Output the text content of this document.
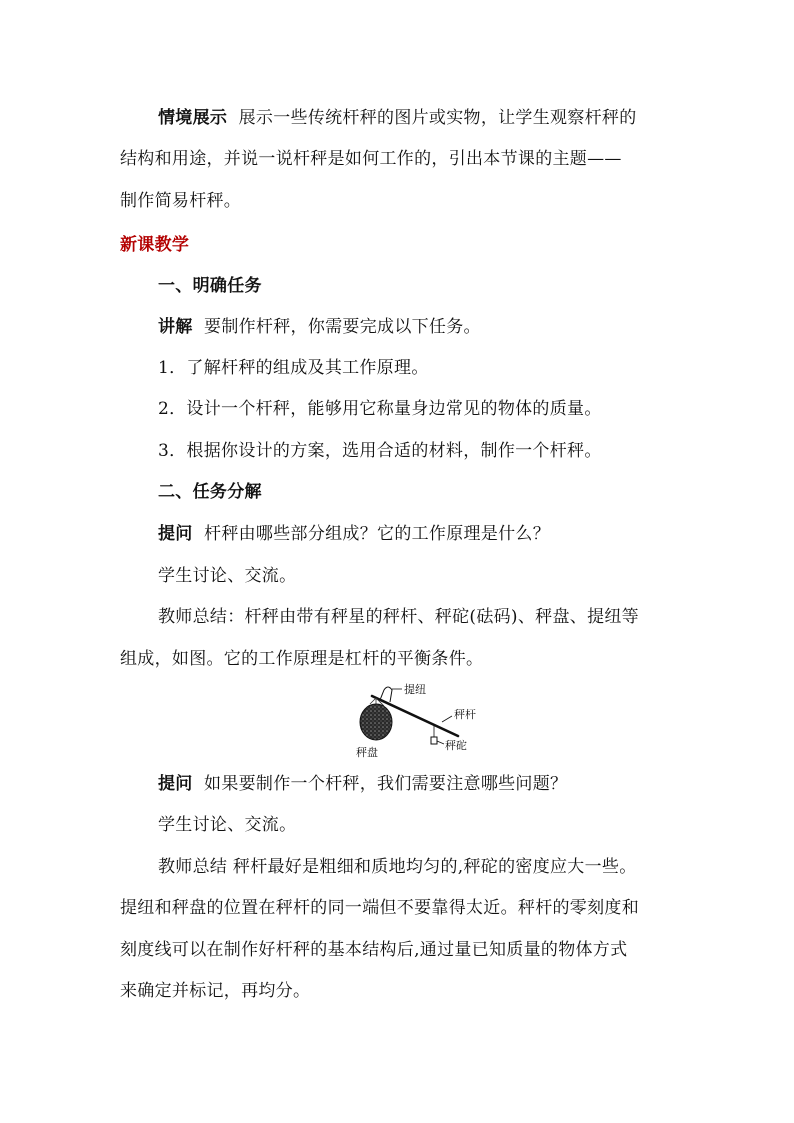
情境展示 展示一些传统杆秤的图片或实物，让学生观察杆秤的
结构和用途，并说一说杆秤是如何工作的，引出本节课的主题——
制作简易杆秤。
新课教学
一、明确任务
讲解 要制作杆秤，你需要完成以下任务。
1．了解杆秤的组成及其工作原理。
2．设计一个杆秤，能够用它称量身边常见的物体的质量。
3．根据你设计的方案，选用合适的材料，制作一个杆秤。
二、任务分解
提问 杆秤由哪些部分组成？它的工作原理是什么？
学生讨论、交流。
教师总结：杆秤由带有秤星的秤杆、秤砣(砝码)、秤盘、提纽等
组成，如图。它的工作原理是杠杆的平衡条件。
提纽
秤杆
秤砣
秤盘
提问 如果要制作一个杆秤，我们需要注意哪些问题？
学生讨论、交流。
教师总结 秤杆最好是粗细和质地均匀的,秤砣的密度应大一些。
提纽和秤盘的位置在秤杆的同一端但不要靠得太近。秤杆的零刻度和
刻度线可以在制作好杆秤的基本结构后,通过量已知质量的物体方式
来确定并标记，再均分。
